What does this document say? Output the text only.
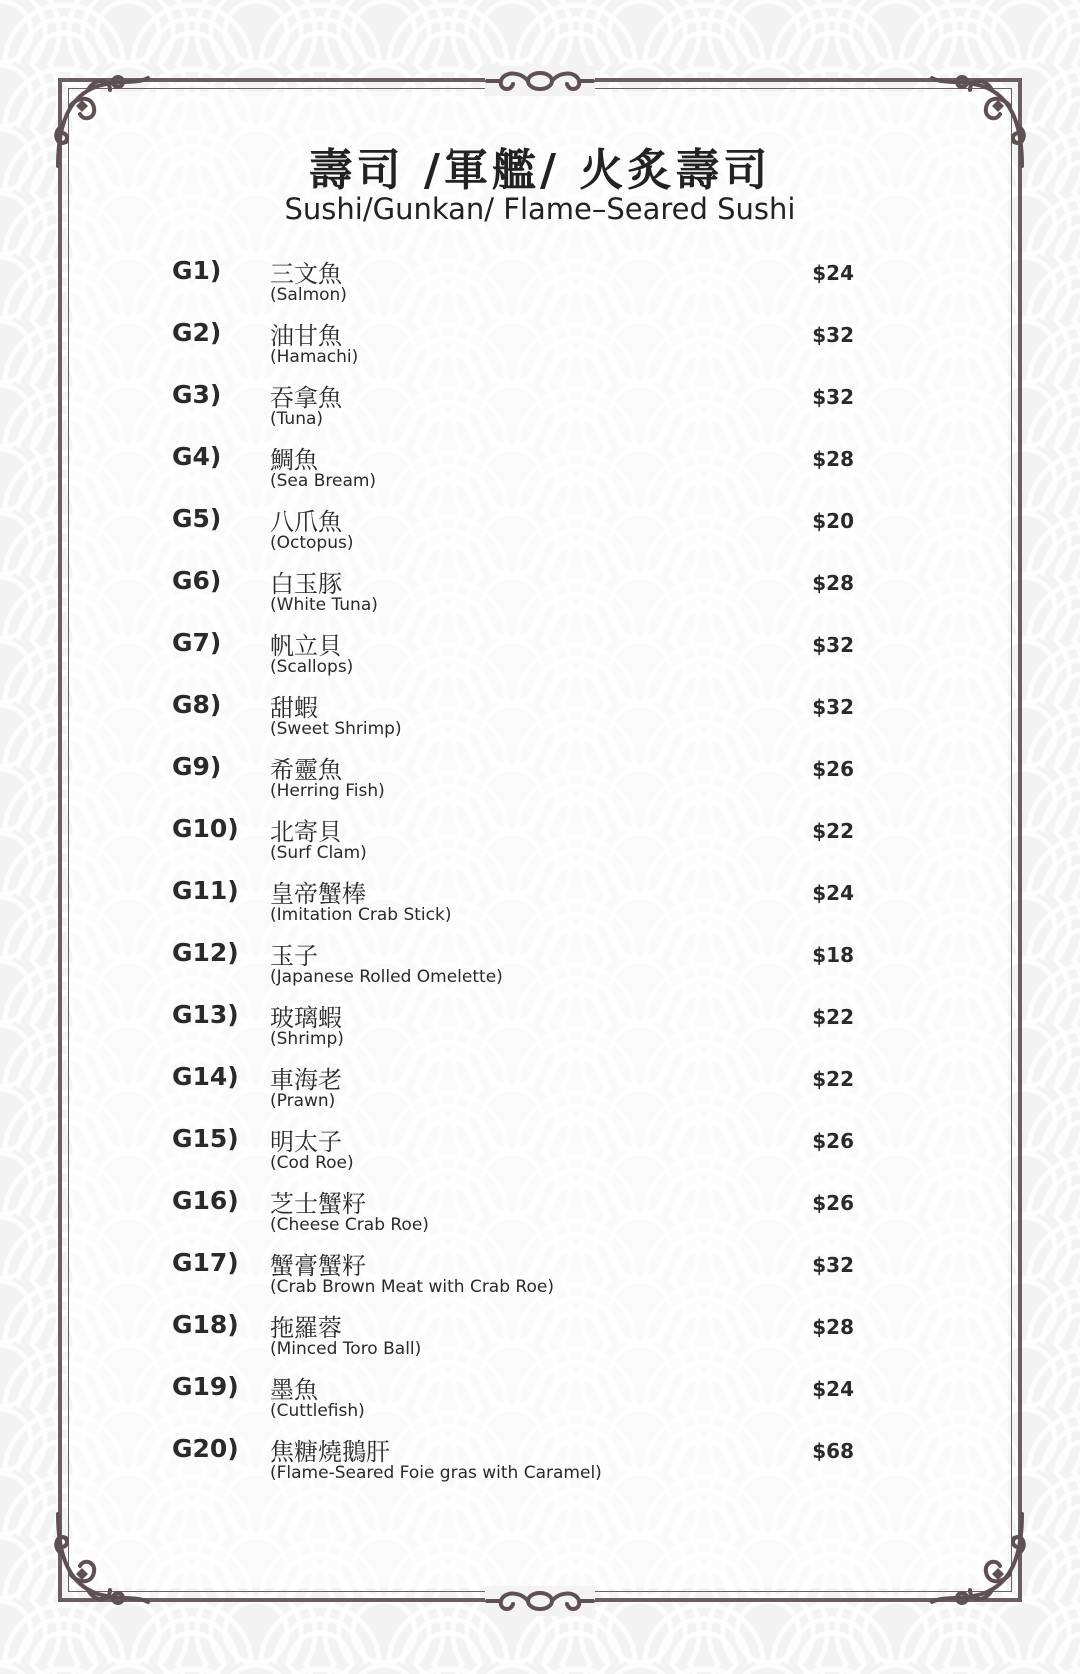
壽司 /軍艦/ 火炙壽司
Sushi/Gunkan/ Flame–Seared Sushi
G1) 三文魚
(Salmon)
$24
G2) 油甘魚
(Hamachi)
$32
G3) 吞拿魚
(Tuna)
$32
G4) 鯛魚
(Sea Bream)
$28
G5) 八爪魚
(Octopus)
$20
G6) 白玉豚
(White Tuna)
$28
G7) 帆立貝
(Scallops)
$32
G8) 甜蝦
(Sweet Shrimp)
$32
G9) 希靈魚
(Herring Fish)
$26
G10) 北寄貝
(Surf Clam)
$22
G11) 皇帝蟹棒
(Imitation Crab Stick)
$24
G12) 玉子
(Japanese Rolled Omelette)
$18
G13) 玻璃蝦
(Shrimp)
$22
G14) 車海老
(Prawn)
$22
G15) 明太子
(Cod Roe)
$26
G16) 芝士蟹籽
(Cheese Crab Roe)
$26
G17) 蟹膏蟹籽
(Crab Brown Meat with Crab Roe)
$32
G18) 拖羅蓉
(Minced Toro Ball)
$28
G19) 墨魚
(Cuttlefish)
$24
G20) 焦糖燒鵝肝
(Flame-Seared Foie gras with Caramel)
$68
